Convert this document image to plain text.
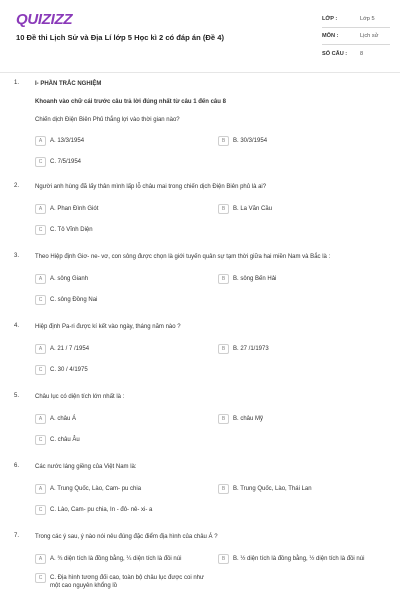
QUIZIZZ
10 Đề thi Lịch Sử và Địa Lí lớp 5 Học kì 2 có đáp án (Đề 4)
LỚP :	Lớp 5
MÔN :	Lịch sử
SỐ CÂU :	8
1.	I- PHẦN TRẮC NGHIỆM
Khoanh vào chữ cái trước câu trả lời đúng nhất từ câu 1 đến câu 8
Chiến dịch Điện Biên Phủ thắng lợi vào thời gian nào?
A	A. 13/3/1954	B	B. 30/3/1954
C	C. 7/5/1954
2.	Người anh hùng đã lấy thân mình lấp lỗ châu mai trong chiến dịch Điện Biên phủ là ai?
A	A. Phan Đình Giót	B	B. La Văn Cầu
C	C. Tô Vĩnh Diện
3.	Theo Hiệp định Giơ- ne- vơ, con sông được chọn là giới tuyến quân sự tạm thời giữa hai miền Nam và Bắc là :
A	A. sông Gianh	B	B. sông Bến Hải
C	C. sông Đồng Nai
4.	Hiệp định Pa-ri được kí kết vào ngày, tháng năm nào ?
A	A. 21 / 7 /1954	B	B. 27 /1/1973
C	C. 30 / 4/1975
5.	Châu lục có diện tích lớn nhất là :
A	A. châu Á	B	B. châu Mỹ
C	C. châu Âu
6.	Các nước láng giềng của Việt Nam là:
A	A. Trung Quốc, Lào, Cam- pu chia	B	B. Trung Quốc, Lào, Thái Lan
C	C. Lào, Cam- pu chia, In - đô- nê- xi- a
7.	Trong các ý sau, ý nào nói nêu đúng đặc điểm địa hình của châu Á ?
A	A. ¾ diện tích là đồng bằng, ¼ diện tích là đồi núi	B	B. ½ diện tích là đồng bằng, ½ diện tích là đồi núi
C	C. Địa hình tương đối cao, toàn bộ châu lục được coi như một cao nguyên khổng lồ
